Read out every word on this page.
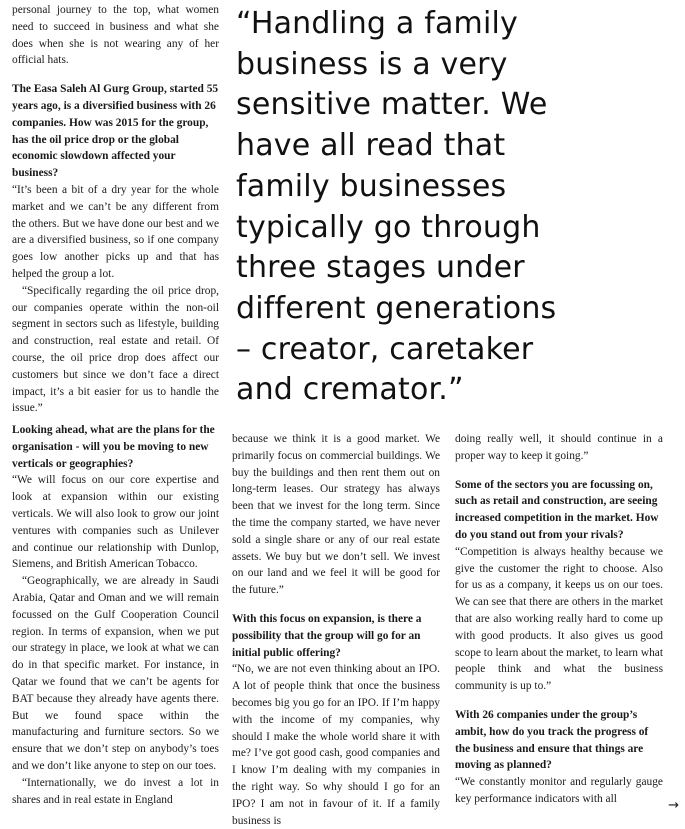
personal journey to the top, what women need to succeed in business and what she does when she is not wearing any of her official hats.

The Easa Saleh Al Gurg Group, started 55 years ago, is a diversified business with 26 companies. How was 2015 for the group, has the oil price drop or the global economic slowdown affected your business?

“It’s been a bit of a dry year for the whole market and we can’t be any different from the others. But we have done our best and we are a diversified business, so if one company goes low another picks up and that has helped the group a lot.

“Specifically regarding the oil price drop, our companies operate within the non-oil segment in sectors such as lifestyle, building and construction, real estate and retail. Of course, the oil price drop does affect our customers but since we don’t face a direct impact, it’s a bit easier for us to handle the issue.”

“Handling a family
business is a very
sensitive matter. We
have all read that
family businesses
typically go through
three stages under
different generations
– creator, caretaker
and cremator.”

Looking ahead, what are the plans for the organisation - will you be moving to new verticals or geographies?

“We will focus on our core expertise and look at expansion within our existing verticals. We will also look to grow our joint ventures with companies such as Unilever and continue our relationship with Dunlop, Siemens, and British American Tobacco.

“Geographically, we are already in Saudi Arabia, Qatar and Oman and we will remain focussed on the Gulf Cooperation Council region. In terms of expansion, when we put our strategy in place, we look at what we can do in that specific market. For instance, in Qatar we found that we can’t be agents for BAT because they already have agents there. But we found space within the manufacturing and furniture sectors. So we ensure that we don’t step on anybody’s toes and we don’t like anyone to step on our toes.

“Internationally, we do invest a lot in shares and in real estate in England

because we think it is a good market. We primarily focus on commercial buildings. We buy the buildings and then rent them out on long-term leases. Our strategy has always been that we invest for the long term. Since the time the company started, we have never sold a single share or any of our real estate assets. We buy but we don’t sell. We invest on our land and we feel it will be good for the future.”

With this focus on expansion, is there a possibility that the group will go for an initial public offering?

“No, we are not even thinking about an IPO. A lot of people think that once the business becomes big you go for an IPO. If I’m happy with the income of my companies, why should I make the whole world share it with me? I’ve got good cash, good companies and I know I’m dealing with my companies in the right way. So why should I go for an IPO? I am not in favour of it. If a family business is

doing really well, it should continue in a proper way to keep it going.”

Some of the sectors you are focussing on, such as retail and construction, are seeing increased competition in the market. How do you stand out from your rivals?

“Competition is always healthy because we give the customer the right to choose. Also for us as a company, it keeps us on our toes. We can see that there are others in the market that are also working really hard to come up with good products. It also gives us good scope to learn about the market, to learn what people think and what the business community is up to.”

With 26 companies under the group’s ambit, how do you track the progress of the business and ensure that things are moving as planned?

“We constantly monitor and regularly gauge key performance indicators with all	→
